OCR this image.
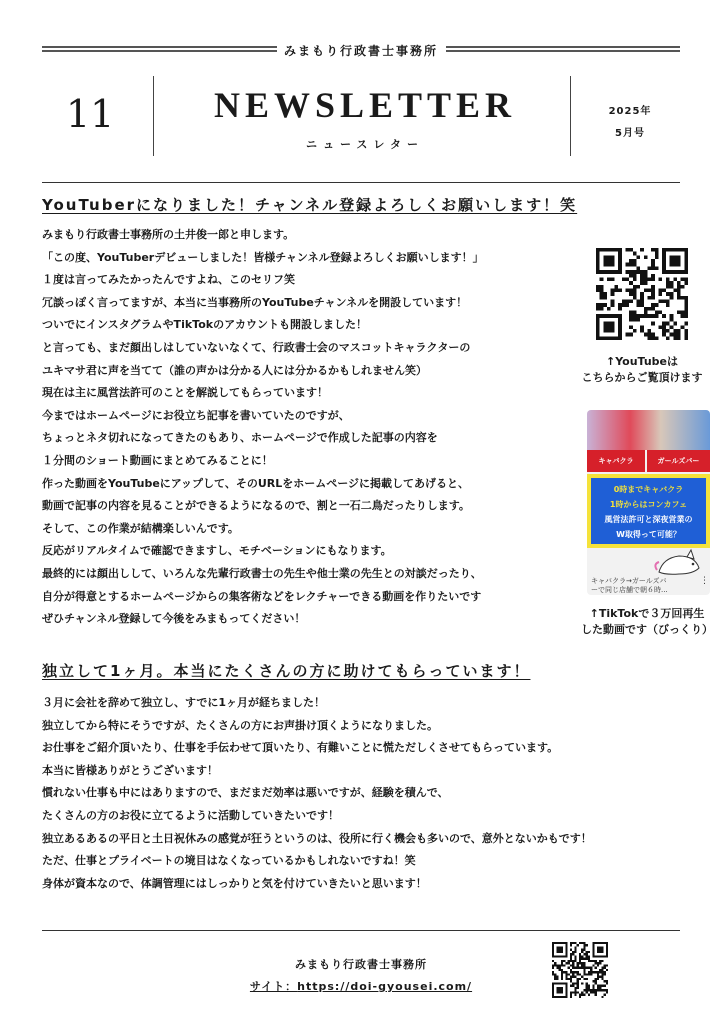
みまもり行政書士事務所
11	NEWSLETTER
ニュースレター
2025年
5月号
YouTuberになりました！チャンネル登録よろしくお願いします！笑
みまもり行政書士事務所の土井俊一郎と申します。
「この度、YouTuberデビューしました！皆様チャンネル登録よろしくお願いします！」
１度は言ってみたかったんですよね、このセリフ笑
冗談っぽく言ってますが、本当に当事務所のYouTubeチャンネルを開設しています！
ついでにインスタグラムやTikTokのアカウントも開設しました！
と言っても、まだ顔出しはしていないなくて、行政書士会のマスコットキャラクターの
ユキマサ君に声を当てて（誰の声かは分かる人には分かるかもしれません笑）
現在は主に風営法許可のことを解説してもらっています！
今まではホームページにお役立ち記事を書いていたのですが、
ちょっとネタ切れになってきたのもあり、ホームページで作成した記事の内容を
１分間のショート動画にまとめてみることに！
作った動画をYouTubeにアップして、そのURLをホームページに掲載してあげると、
動画で記事の内容を見ることができるようになるので、割と一石二鳥だったりします。
そして、この作業が結構楽しいんです。
反応がリアルタイムで確認できますし、モチベーションにもなります。
最終的には顔出しして、いろんな先輩行政書士の先生や他士業の先生との対談だったり、
自分が得意とするホームページからの集客術などをレクチャーできる動画を作りたいです
ぜひチャンネル登録して今後をみまもってください！
↑YouTubeは
こちらからご覧頂けます
キャバクラ	ガールズバー
0時までキャバクラ
1時からはコンカフェ
風営法許可と深夜営業の
W取得って可能？
キャバクラ→ガールズバ
ーで同じ店舗で朝６時...
⋮
↑TikTokで３万回再生
した動画です（びっくり）
独立して1ヶ月。本当にたくさんの方に助けてもらっています！
３月に会社を辞めて独立し、すでに1ヶ月が経ちました！
独立してから特にそうですが、たくさんの方にお声掛け頂くようになりました。
お仕事をご紹介頂いたり、仕事を手伝わせて頂いたり、有難いことに慌ただしくさせてもらっています。
本当に皆様ありがとうございます！
慣れない仕事も中にはありますので、まだまだ効率は悪いですが、経験を積んで、
たくさんの方のお役に立てるように活動していきたいです！
独立あるあるの平日と土日祝休みの感覚が狂うというのは、役所に行く機会も多いので、意外とないかもです！
ただ、仕事とプライベートの境目はなくなっているかもしれないですね！笑
身体が資本なので、体調管理にはしっかりと気を付けていきたいと思います！
みまもり行政書士事務所
サイト：https://doi-gyousei.com/
